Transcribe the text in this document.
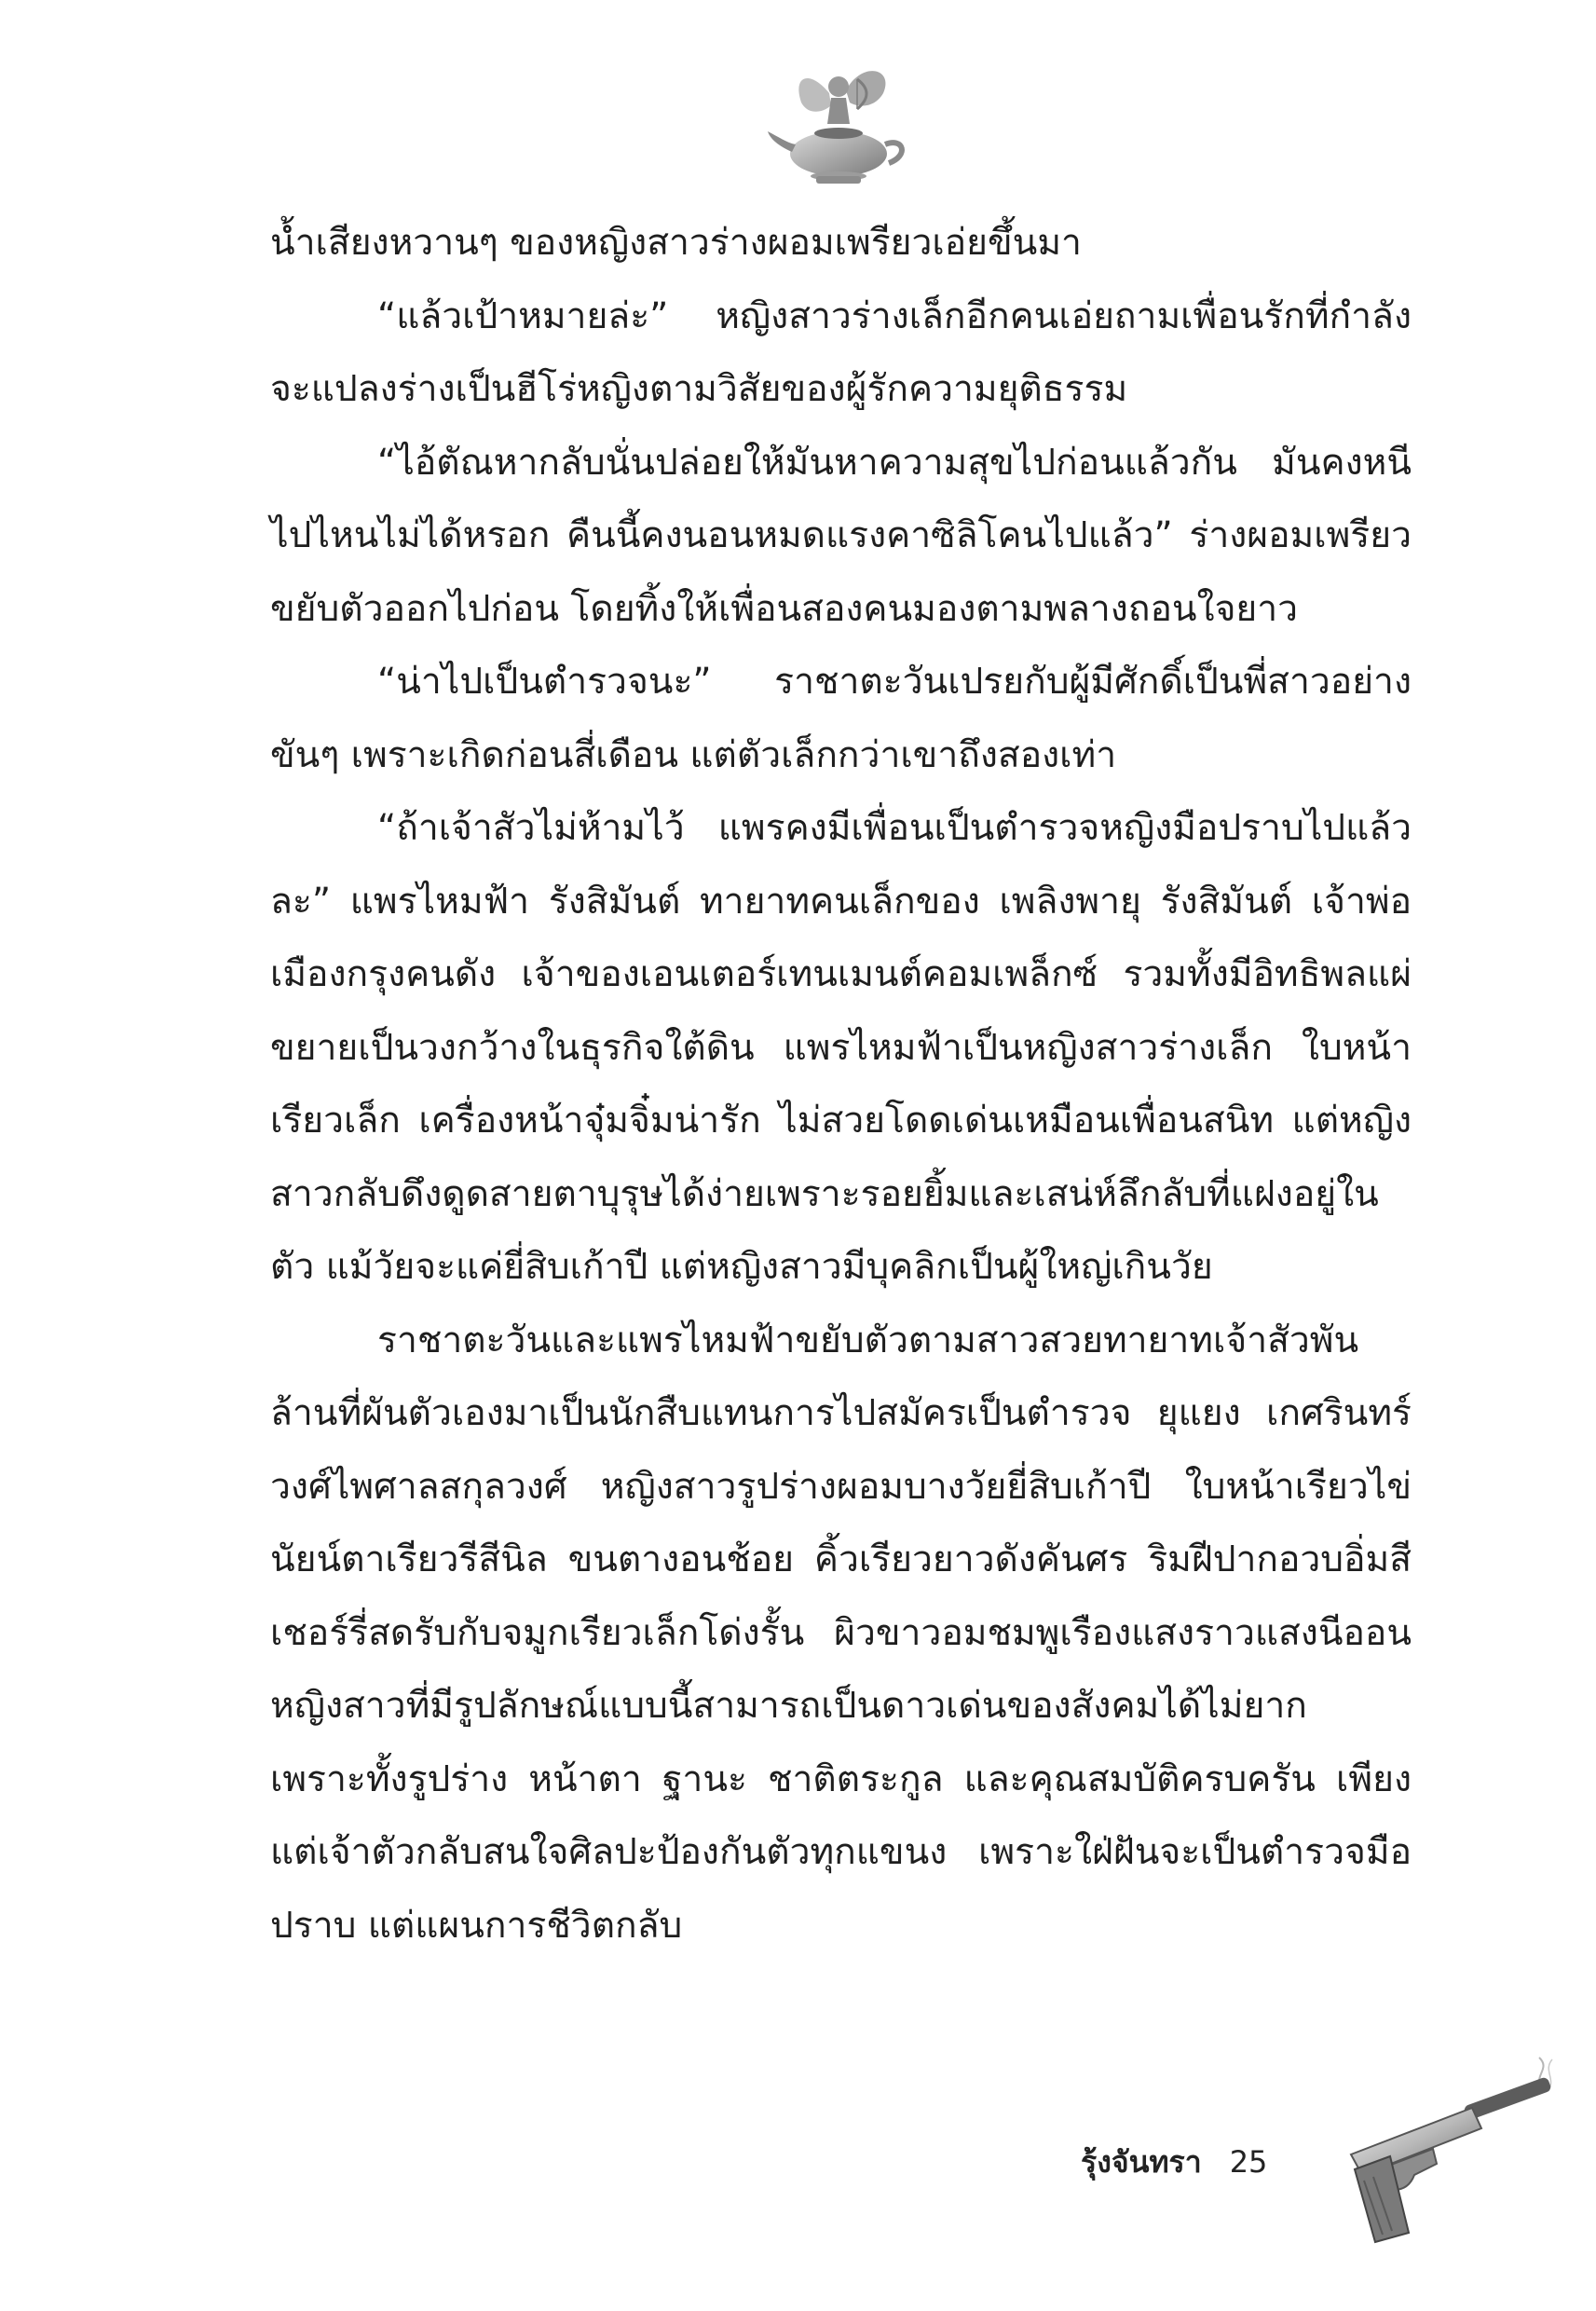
น้ำเสียงหวานๆ ของหญิงสาวร่างผอมเพรียวเอ่ยขึ้นมา

“แล้วเป้าหมายล่ะ” หญิงสาวร่างเล็กอีกคนเอ่ยถามเพื่อนรักที่กำลังจะแปลงร่างเป็นฮีโร่หญิงตามวิสัยของผู้รักความยุติธรรม

“ไอ้ตัณหากลับนั่นปล่อยให้มันหาความสุขไปก่อนแล้วกัน มันคงหนีไปไหนไม่ได้หรอก คืนนี้คงนอนหมดแรงคาซิลิโคนไปแล้ว” ร่างผอมเพรียวขยับตัวออกไปก่อน โดยทิ้งให้เพื่อนสองคนมองตามพลางถอนใจยาว

“น่าไปเป็นตำรวจนะ” ราชาตะวันเปรยกับผู้มีศักดิ์เป็นพี่สาวอย่างขันๆ เพราะเกิดก่อนสี่เดือน แต่ตัวเล็กกว่าเขาถึงสองเท่า

“ถ้าเจ้าสัวไม่ห้ามไว้ แพรคงมีเพื่อนเป็นตำรวจหญิงมือปราบไปแล้วละ” แพรไหมฟ้า รังสิมันต์ ทายาทคนเล็กของ เพลิงพายุ รังสิมันต์ เจ้าพ่อเมืองกรุงคนดัง เจ้าของเอนเตอร์เทนเมนต์คอมเพล็กซ์ รวมทั้งมีอิทธิพลแผ่ขยายเป็นวงกว้างในธุรกิจใต้ดิน แพรไหมฟ้าเป็นหญิงสาวร่างเล็ก ใบหน้าเรียวเล็ก เครื่องหน้าจุ๋มจิ๋มน่ารัก ไม่สวยโดดเด่นเหมือนเพื่อนสนิท แต่หญิงสาวกลับดึงดูดสายตาบุรุษได้ง่ายเพราะรอยยิ้มและเสน่ห์ลึกลับที่แฝงอยู่ในตัว แม้วัยจะแค่ยี่สิบเก้าปี แต่หญิงสาวมีบุคลิกเป็นผู้ใหญ่เกินวัย

ราชาตะวันและแพรไหมฟ้าขยับตัวตามสาวสวยทายาทเจ้าสัวพันล้านที่ผันตัวเองมาเป็นนักสืบแทนการไปสมัครเป็นตำรวจ ยุแยง เกศรินทร์ วงศ์ไพศาลสกุลวงศ์ หญิงสาวรูปร่างผอมบางวัยยี่สิบเก้าปี ใบหน้าเรียวไข่ นัยน์ตาเรียวรีสีนิล ขนตางอนช้อย คิ้วเรียวยาวดังคันศร ริมฝีปากอวบอิ่มสีเชอร์รี่สดรับกับจมูกเรียวเล็กโด่งรั้น ผิวขาวอมชมพูเรืองแสงราวแสงนีออน หญิงสาวที่มีรูปลักษณ์แบบนี้สามารถเป็นดาวเด่นของสังคมได้ไม่ยาก เพราะทั้งรูปร่าง หน้าตา ฐานะ ชาติตระกูล และคุณสมบัติครบครัน เพียงแต่เจ้าตัวกลับสนใจศิลปะป้องกันตัวทุกแขนง เพราะใฝ่ฝันจะเป็นตำรวจมือปราบ แต่แผนการชีวิตกลับ

รุ้งจันทรา 25
